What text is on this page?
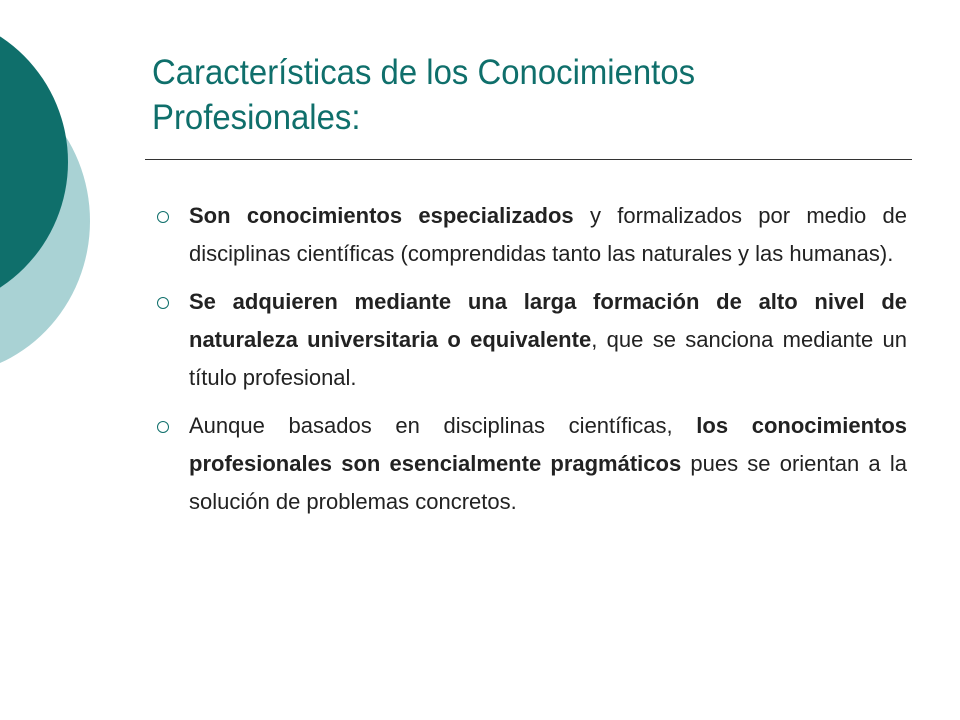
Características de los Conocimientos Profesionales:

Son conocimientos especializados y formalizados por medio de disciplinas científicas (comprendidas tanto las naturales y las humanas).

Se adquieren mediante una larga formación de alto nivel de naturaleza universitaria o equivalente, que se sanciona mediante un título profesional.

Aunque basados en disciplinas científicas, los conocimientos profesionales son esencialmente pragmáticos pues se orientan a la solución de problemas concretos.
